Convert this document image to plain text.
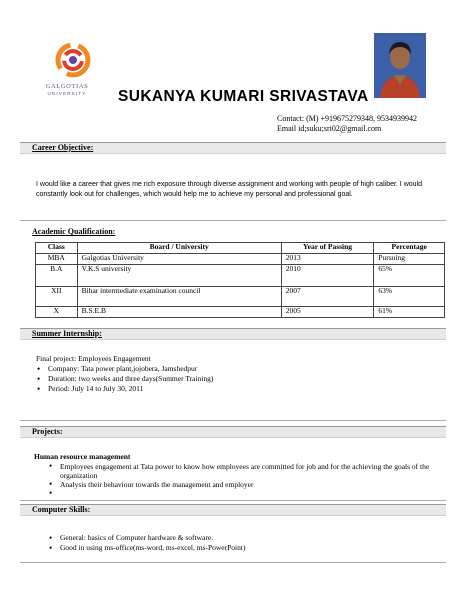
GALGOTIAS
UNIVERSITY	SUKANYA KUMARI SRIVASTAVA
Contact: (M) +919675279348, 9534939942
Email id;suku;sri02@gmail.com
Career Objective:
I would like a career that gives me rich exposure through diverse assignment and working with people of high caliber. I would constantly look out for challenges, which would help me to achieve my personal and professional goal.
Academic Qualification:
Class	Board / University	Year of Passing	Percentage
MBA	Galgotias University	2013	Pursuing
B.A	V.K.S university	2010	65%
XII	Bihar intermediate examination council	2007	63%
X	B.S.E.B	2005	61%
Summer Internship:
Final project: Employees Engagement
• Company: Tata power plant,jojobera, Jamshedpur
• Duration: two weeks and three days(Summer Training)
• Period: July 14 to July 30, 2011
Projects:
Human resource management
• Employees engagement at Tata power to know how employees are committed for job and for the achieving the goals of the organization
• Analysis their behaviour towards the management and employer
•
Computer Skills:
• General: basics of Computer hardware & software.
• Good in using ms-office(ms-word, ms-excel, ms-PowerPoint)
